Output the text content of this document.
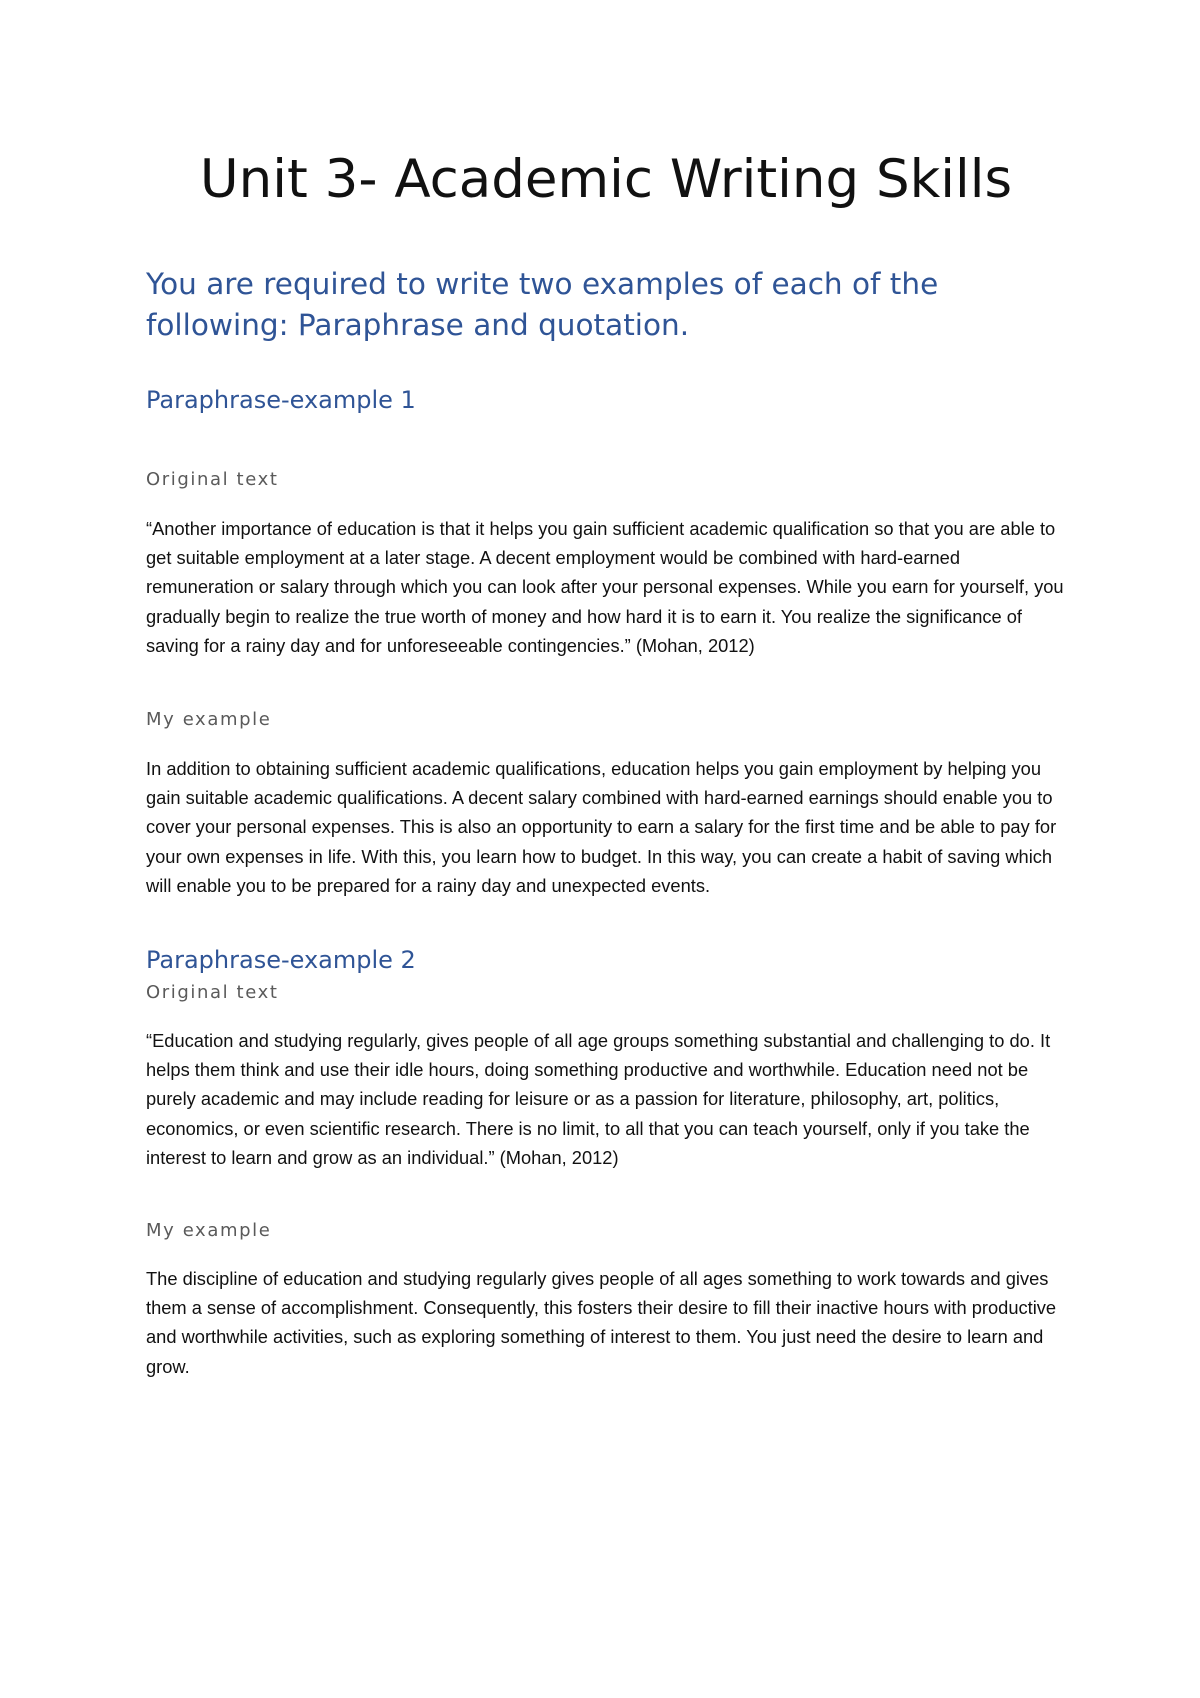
Unit 3- Academic Writing Skills
You are required to write two examples of each of the following: Paraphrase and quotation.
Paraphrase-example 1

Original text

“Another importance of education is that it helps you gain sufficient academic qualification so that you are able to get suitable employment at a later stage. A decent employment would be combined with hard-earned remuneration or salary through which you can look after your personal expenses. While you earn for yourself, you gradually begin to realize the true worth of money and how hard it is to earn it. You realize the significance of saving for a rainy day and for unforeseeable contingencies.” (Mohan, 2012)

My example

In addition to obtaining sufficient academic qualifications, education helps you gain employment by helping you gain suitable academic qualifications. A decent salary combined with hard-earned earnings should enable you to cover your personal expenses. This is also an opportunity to earn a salary for the first time and be able to pay for your own expenses in life. With this, you learn how to budget. In this way, you can create a habit of saving which will enable you to be prepared for a rainy day and unexpected events.

Paraphrase-example 2

Original text

“Education and studying regularly, gives people of all age groups something substantial and challenging to do. It helps them think and use their idle hours, doing something productive and worthwhile. Education need not be purely academic and may include reading for leisure or as a passion for literature, philosophy, art, politics, economics, or even scientific research. There is no limit, to all that you can teach yourself, only if you take the interest to learn and grow as an individual.” (Mohan, 2012)

My example

The discipline of education and studying regularly gives people of all ages something to work towards and gives them a sense of accomplishment. Consequently, this fosters their desire to fill their inactive hours with productive and worthwhile activities, such as exploring something of interest to them. You just need the desire to learn and grow.
